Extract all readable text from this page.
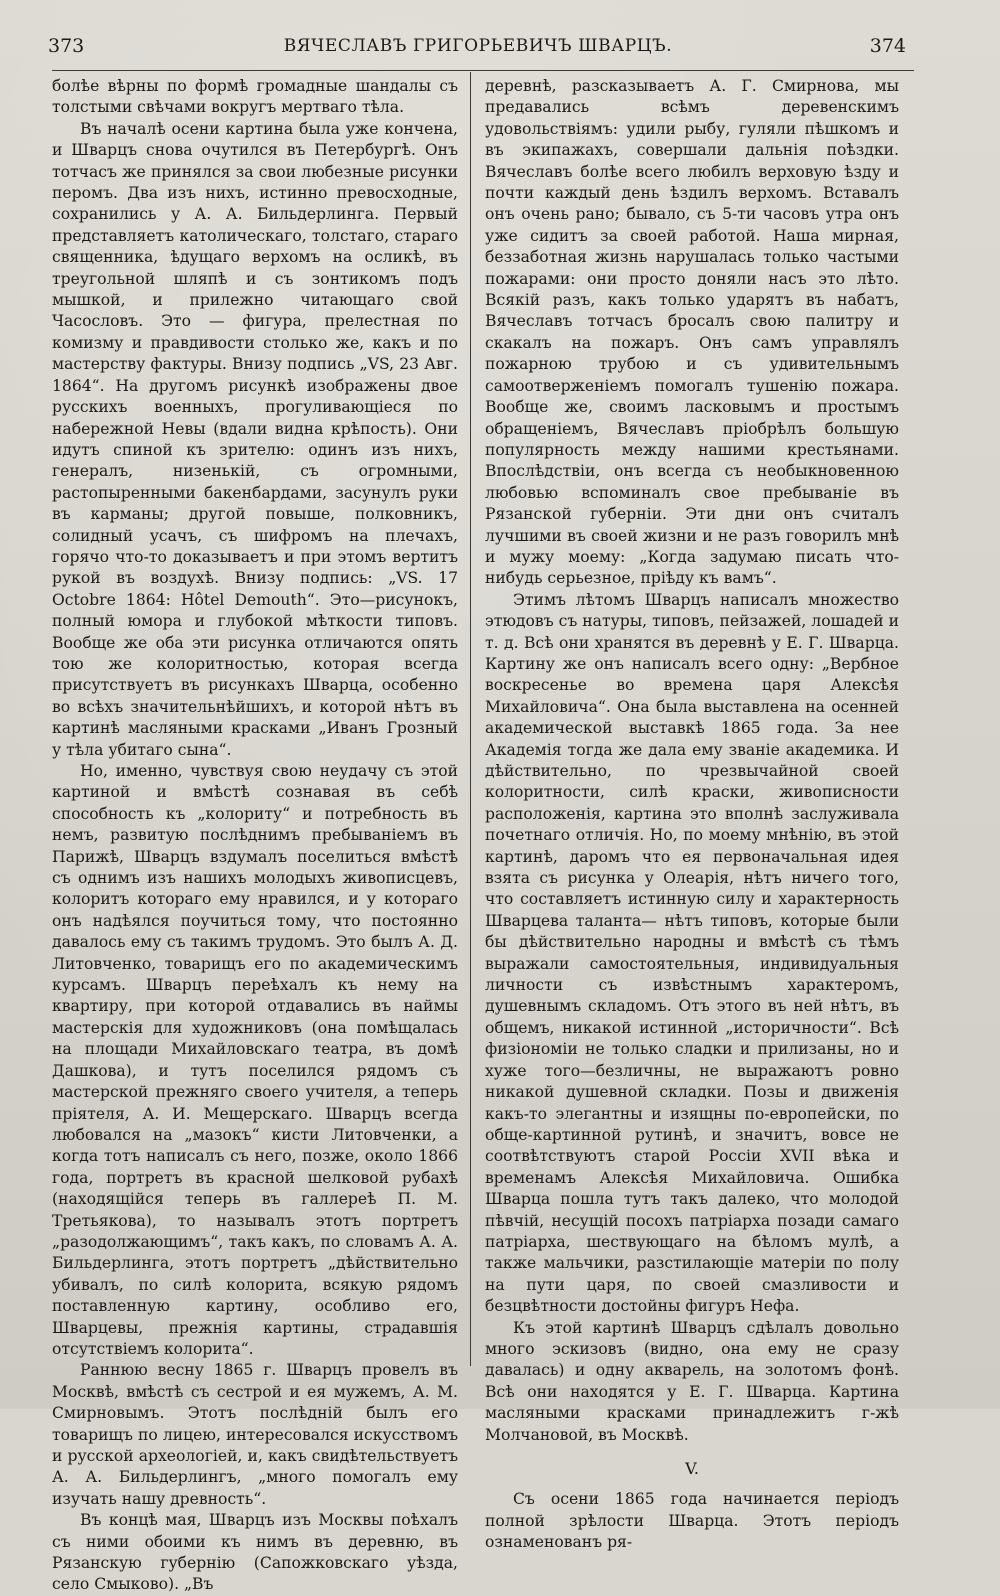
373	ВЯЧЕСЛАВЪ ГРИГОРЬЕВИЧЪ ШВАРЦЪ.	374

болѣе вѣрны по формѣ громадные шандалы съ толстыми свѣчами вокругъ мертваго тѣла.

Въ началѣ осени картина была уже кончена, и Шварцъ снова очутился въ Петербургѣ. Онъ тотчасъ же принялся за свои любезные рисунки перомъ. Два изъ нихъ, истинно превосходные, сохранились у А. А. Бильдерлинга. Первый представляетъ католическаго, толстаго, стараго священника, ѣдущаго верхомъ на осликѣ, въ треугольной шляпѣ и съ зонтикомъ подъ мышкой, и прилежно читающаго свой Часословъ. Это — фигура, прелестная по комизму и правдивости столько же, какъ и по мастерству фактуры. Внизу подпись „VS, 23 Авг. 1864“. На другомъ рисункѣ изображены двое русскихъ военныхъ, прогуливающіеся по набережной Невы (вдали видна крѣпость). Они идутъ спиной къ зрителю: одинъ изъ нихъ, генералъ, низенькій, съ огромными, растопыренными бакенбардами, засунулъ руки въ карманы; другой повыше, полковникъ, солидный усачъ, съ шифромъ на плечахъ, горячо что-то доказываетъ и при этомъ вертитъ рукой въ воздухѣ. Внизу подпись: „VS. 17 Octobre 1864: Hôtel Demouth“. Это—рисунокъ, полный юмора и глубокой мѣткости типовъ. Вообще же оба эти рисунка отличаются опять тою же колоритностью, которая всегда присутствуетъ въ рисункахъ Шварца, особенно во всѣхъ значительнѣйшихъ, и которой нѣтъ въ картинѣ масляными красками „Иванъ Грозный у тѣла убитаго сына“.

Но, именно, чувствуя свою неудачу съ этой картиной и вмѣстѣ сознавая въ себѣ способность къ „колориту“ и потребность въ немъ, развитую послѣднимъ пребываніемъ въ Парижѣ, Шварцъ вздумалъ поселиться вмѣстѣ съ однимъ изъ нашихъ молодыхъ живописцевъ, колоритъ котораго ему нравился, и у котораго онъ надѣялся поучиться тому, что постоянно давалось ему съ такимъ трудомъ. Это былъ А. Д. Литовченко, товарищъ его по академическимъ курсамъ. Шварцъ переѣхалъ къ нему на квартиру, при которой отдавались въ наймы мастерскія для художниковъ (она помѣщалась на площади Михайловскаго театра, въ домѣ Дашкова), и тутъ поселился рядомъ съ мастерской прежняго своего учителя, а теперь пріятеля, А. И. Мещерскаго. Шварцъ всегда любовался на „мазокъ“ кисти Литовченки, а когда тотъ написалъ съ него, позже, около 1866 года, портретъ въ красной шелковой рубахѣ (находящійся теперь въ галлереѣ П. М. Третьякова), то называлъ этотъ портретъ „разодолжающимъ“, такъ какъ, по словамъ А. А. Бильдерлинга, этотъ портретъ „дѣйствительно убивалъ, по силѣ колорита, всякую рядомъ поставленную картину, особливо его, Шварцевы, прежнія картины, страдавшія отсутствіемъ колорита“.

Раннюю весну 1865 г. Шварцъ провелъ въ Москвѣ, вмѣстѣ съ сестрой и ея мужемъ, А. М. Смирновымъ. Этотъ послѣдній былъ его товарищъ по лицею, интересовался искусствомъ и русской археологіей, и, какъ свидѣтельствуетъ А. А. Бильдерлингъ, „много помогалъ ему изучать нашу древность“.

Въ концѣ мая, Шварцъ изъ Москвы поѣхалъ съ ними обоими къ нимъ въ деревню, въ Рязанскую губернію (Сапожковскаго уѣзда, село Смыково). „Въ

деревнѣ, разсказываетъ А. Г. Смирнова, мы предавались всѣмъ деревенскимъ удовольствіямъ: удили рыбу, гуляли пѣшкомъ и въ экипажахъ, совершали дальнія поѣздки. Вячеславъ болѣе всего любилъ верховую ѣзду и почти каждый день ѣздилъ верхомъ. Вставалъ онъ очень рано; бывало, съ 5-ти часовъ утра онъ уже сидитъ за своей работой. Наша мирная, беззаботная жизнь нарушалась только частыми пожарами: они просто доняли насъ это лѣто. Всякій разъ, какъ только ударятъ въ набатъ, Вячеславъ тотчасъ бросалъ свою палитру и скакалъ на пожаръ. Онъ самъ управлялъ пожарною трубою и съ удивительнымъ самоотверженіемъ помогалъ тушенію пожара. Вообще же, своимъ ласковымъ и простымъ обращеніемъ, Вячеславъ пріобрѣлъ большую популярность между нашими крестьянами. Впослѣдствіи, онъ всегда съ необыкновенною любовью вспоминалъ свое пребываніе въ Рязанской губерніи. Эти дни онъ считалъ лучшими въ своей жизни и не разъ говорилъ мнѣ и мужу моему: „Когда задумаю писать что-нибудь серьезное, пріѣду къ вамъ“.

Этимъ лѣтомъ Шварцъ написалъ множество этюдовъ съ натуры, типовъ, пейзажей, лошадей и т. д. Всѣ они хранятся въ деревнѣ у Е. Г. Шварца. Картину же онъ написалъ всего одну: „Вербное воскресенье во времена царя Алексѣя Михайловича“. Она была выставлена на осенней академической выставкѣ 1865 года. За нее Академія тогда же дала ему званіе академика. И дѣйствительно, по чрезвычайной своей колоритности, силѣ краски, живописности расположенія, картина это вполнѣ заслуживала почетнаго отличія. Но, по моему мнѣнію, въ этой картинѣ, даромъ что ея первоначальная идея взята съ рисунка у Олеарія, нѣтъ ничего того, что составляетъ истинную силу и характерность Шварцева таланта— нѣтъ типовъ, которые были бы дѣйствительно народны и вмѣстѣ съ тѣмъ выражали самостоятельныя, индивидуальныя личности съ извѣстнымъ характеромъ, душевнымъ складомъ. Отъ этого въ ней нѣтъ, въ общемъ, никакой истинной „историчности“. Всѣ физіономіи не только сладки и прилизаны, но и хуже того—безличны, не выражаютъ ровно никакой душевной складки. Позы и движенія какъ-то элегантны и изящны по-европейски, по обще-картинной рутинѣ, и значитъ, вовсе не соотвѣтствуютъ старой Россіи XVII вѣка и временамъ Алексѣя Михайловича. Ошибка Шварца пошла тутъ такъ далеко, что молодой пѣвчій, несущій посохъ патріарха позади самаго патріарха, шествующаго на бѣломъ мулѣ, а также мальчики, разстилающіе матеріи по полу на пути царя, по своей смазливости и безцвѣтности достойны фигуръ Нефа.

Къ этой картинѣ Шварцъ сдѣлалъ довольно много эскизовъ (видно, она ему не сразу давалась) и одну акварель, на золотомъ фонѣ. Всѣ они находятся у Е. Г. Шварца. Картина масляными красками принадлежитъ г-жѣ Молчановой, въ Москвѣ.

V.

Съ осени 1865 года начинается періодъ полной зрѣлости Шварца. Этотъ періодъ ознаменованъ ря-
